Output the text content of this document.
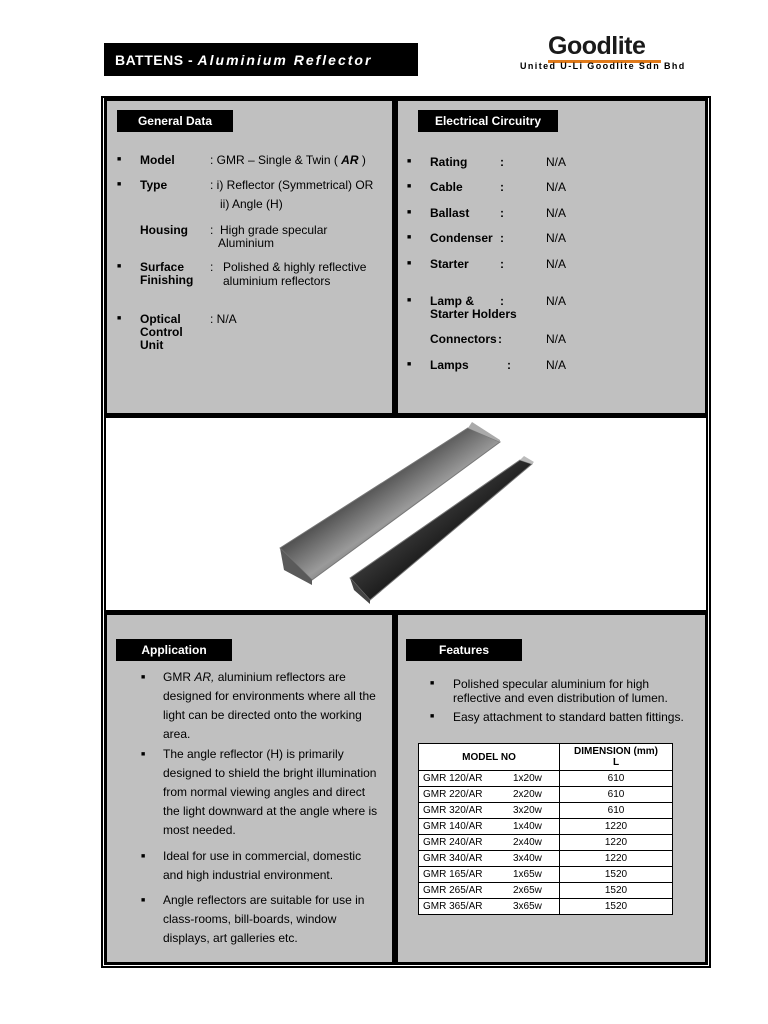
BATTENS - Aluminium Reflector	Goodlite
United U-Li Goodlite Sdn Bhd
General Data
■ Model	: GMR – Single & Twin ( AR )
■ Type	: i) Reflector (Symmetrical) OR
ii) Angle (H)
Housing : High grade specular
Aluminium
■ Surface
Finishing
: Polished & highly reflective
aluminium reflectors
■ Optical
Control
Unit
: N/A
Electrical Circuitry
■ Rating	:	N/A
■ Cable	:	N/A
■ Ballast	:	N/A
■ Condenser :	N/A
■ Starter	:	N/A
■ Lamp &
Starter Holders
:	N/A
Connectors :	N/A
■ Lamps	:	N/A
Application
■ GMR AR, aluminium reflectors are designed for environments where all the light can be directed onto the working area.
■ The angle reflector (H) is primarily designed to shield the bright illumination from normal viewing angles and direct the light downward at the angle where is most needed.
■ Ideal for use in commercial, domestic and high industrial environment.
■ Angle reflectors are suitable for use in class-rooms, bill-boards, window displays, art galleries etc.
Features
■ Polished specular aluminium for high reflective and even distribution of lumen.
■ Easy attachment to standard batten fittings.
MODEL NO		DIMENSION (mm)
L
GMR 120/AR	1x20w	610
GMR 220/AR	2x20w	610
GMR 320/AR	3x20w	610
GMR 140/AR	1x40w	1220
GMR 240/AR	2x40w	1220
GMR 340/AR	3x40w	1220
GMR 165/AR	1x65w	1520
GMR 265/AR	2x65w	1520
GMR 365/AR	3x65w	1520
